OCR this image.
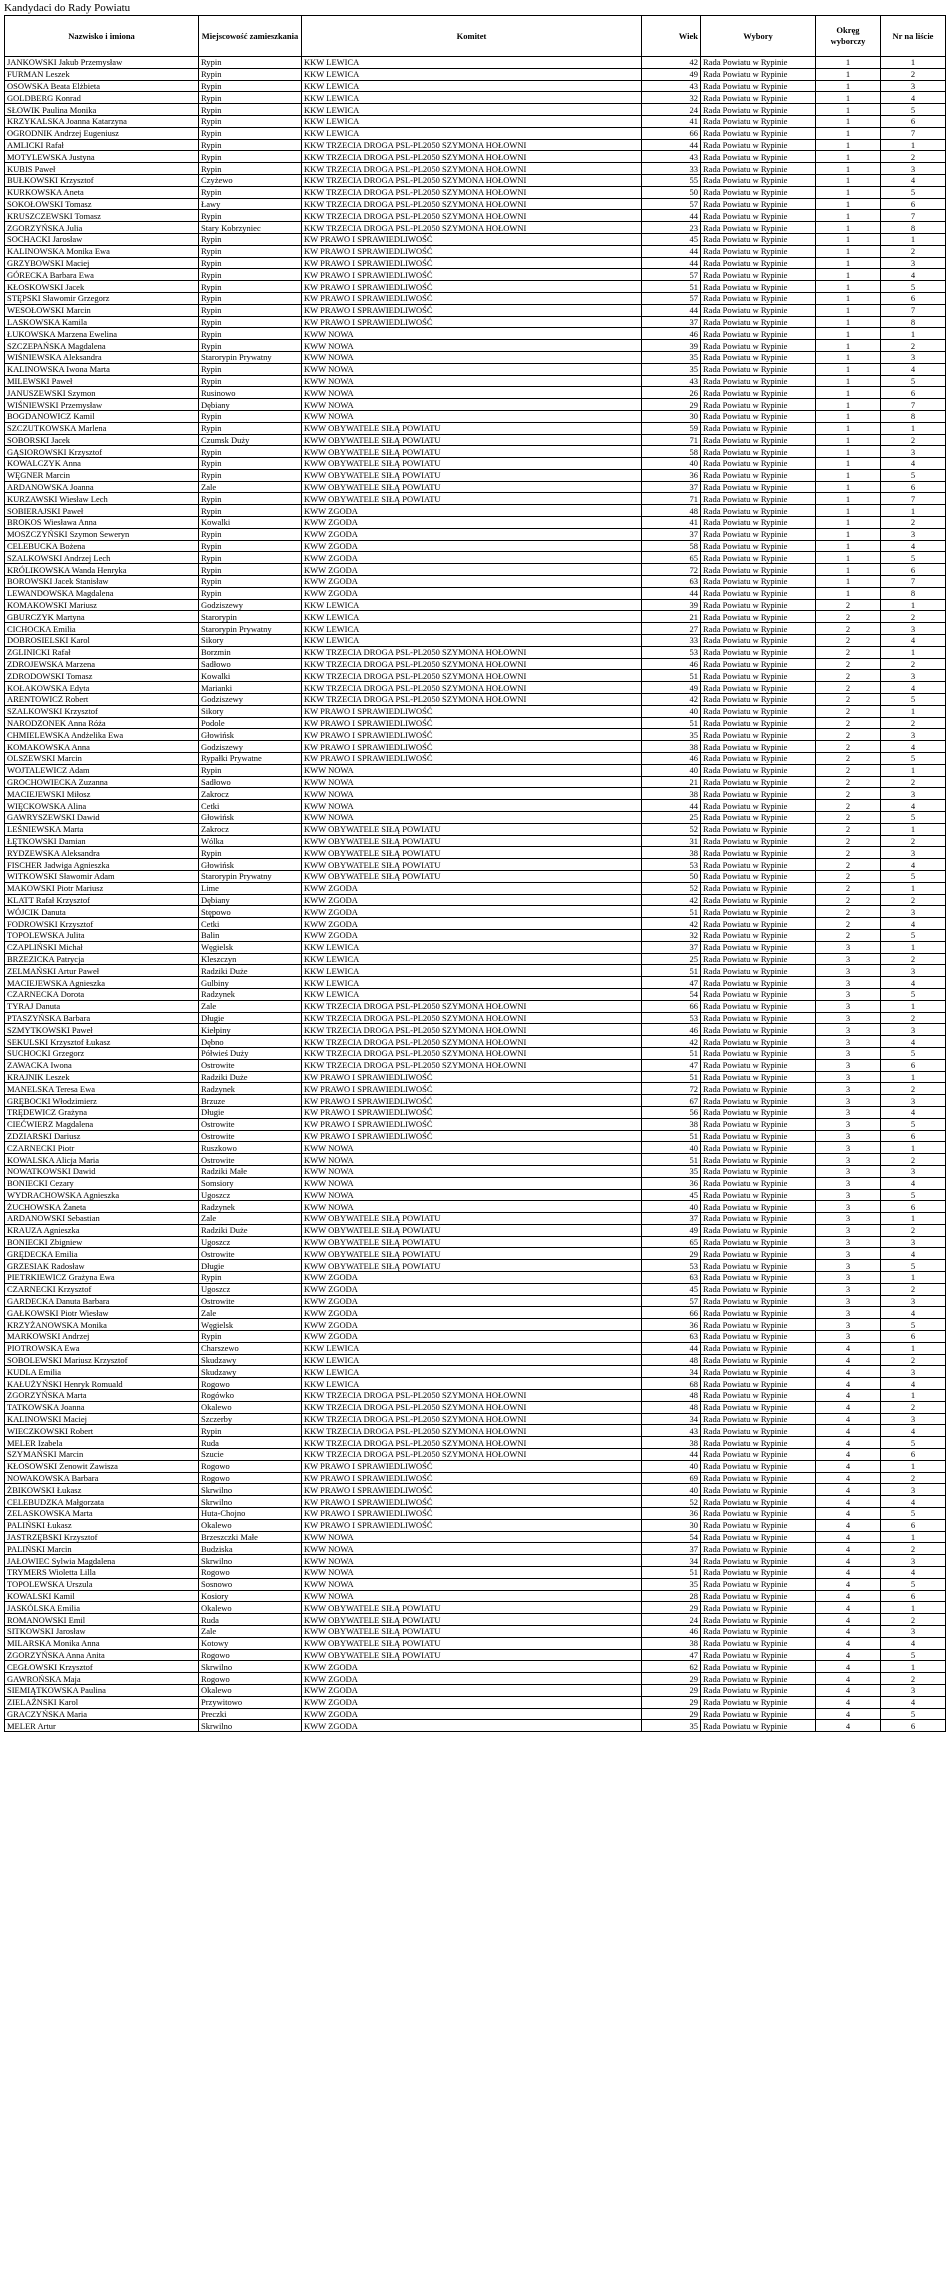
Kandydaci do Rady Powiatu
Nazwisko i imiona	Miejscowość zamieszkania	Komitet	Wiek	Wybory	Okręg wyborczy	Nr na liście
JANKOWSKI Jakub Przemysław	Rypin	KKW LEWICA	42	Rada Powiatu w Rypinie	1	1
FURMAN Leszek	Rypin	KKW LEWICA	49	Rada Powiatu w Rypinie	1	2
OSOWSKA Beata Elżbieta	Rypin	KKW LEWICA	43	Rada Powiatu w Rypinie	1	3
GOLDBERG Konrad	Rypin	KKW LEWICA	32	Rada Powiatu w Rypinie	1	4
SŁOWIK Paulina Monika	Rypin	KKW LEWICA	24	Rada Powiatu w Rypinie	1	5
KRZYKALSKA Joanna Katarzyna	Rypin	KKW LEWICA	41	Rada Powiatu w Rypinie	1	6
OGRODNIK Andrzej Eugeniusz	Rypin	KKW LEWICA	66	Rada Powiatu w Rypinie	1	7
AMLICKI Rafał	Rypin	KKW TRZECIA DROGA PSL-PL2050 SZYMONA HOŁOWNI	44	Rada Powiatu w Rypinie	1	1
MOTYLEWSKA Justyna	Rypin	KKW TRZECIA DROGA PSL-PL2050 SZYMONA HOŁOWNI	43	Rada Powiatu w Rypinie	1	2
KUBIS Paweł	Rypin	KKW TRZECIA DROGA PSL-PL2050 SZYMONA HOŁOWNI	33	Rada Powiatu w Rypinie	1	3
BUŁKOWSKI Krzysztof	Czyżewo	KKW TRZECIA DROGA PSL-PL2050 SZYMONA HOŁOWNI	55	Rada Powiatu w Rypinie	1	4
KURKOWSKA Aneta	Rypin	KKW TRZECIA DROGA PSL-PL2050 SZYMONA HOŁOWNI	50	Rada Powiatu w Rypinie	1	5
SOKOŁOWSKI Tomasz	Ławy	KKW TRZECIA DROGA PSL-PL2050 SZYMONA HOŁOWNI	57	Rada Powiatu w Rypinie	1	6
KRUSZCZEWSKI Tomasz	Rypin	KKW TRZECIA DROGA PSL-PL2050 SZYMONA HOŁOWNI	44	Rada Powiatu w Rypinie	1	7
ZGORZYŃSKA Julia	Stary Kobrzyniec	KKW TRZECIA DROGA PSL-PL2050 SZYMONA HOŁOWNI	23	Rada Powiatu w Rypinie	1	8
SOCHACKI Jarosław	Rypin	KW PRAWO I SPRAWIEDLIWOŚĆ	45	Rada Powiatu w Rypinie	1	1
KALINOWSKA Monika Ewa	Rypin	KW PRAWO I SPRAWIEDLIWOŚĆ	44	Rada Powiatu w Rypinie	1	2
GRZYBOWSKI Maciej	Rypin	KW PRAWO I SPRAWIEDLIWOŚĆ	44	Rada Powiatu w Rypinie	1	3
GÓRECKA Barbara Ewa	Rypin	KW PRAWO I SPRAWIEDLIWOŚĆ	57	Rada Powiatu w Rypinie	1	4
KŁOSKOWSKI Jacek	Rypin	KW PRAWO I SPRAWIEDLIWOŚĆ	51	Rada Powiatu w Rypinie	1	5
STĘPSKI Sławomir Grzegorz	Rypin	KW PRAWO I SPRAWIEDLIWOŚĆ	57	Rada Powiatu w Rypinie	1	6
WESOŁOWSKI Marcin	Rypin	KW PRAWO I SPRAWIEDLIWOŚĆ	44	Rada Powiatu w Rypinie	1	7
LASKOWSKA Kamila	Rypin	KW PRAWO I SPRAWIEDLIWOŚĆ	37	Rada Powiatu w Rypinie	1	8
ŁUKOWSKA Marzena Ewelina	Rypin	KWW NOWA	46	Rada Powiatu w Rypinie	1	1
SZCZEPAŃSKA Magdalena	Rypin	KWW NOWA	39	Rada Powiatu w Rypinie	1	2
WIŚNIEWSKA Aleksandra	Starorypin Prywatny	KWW NOWA	35	Rada Powiatu w Rypinie	1	3
KALINOWSKA Iwona Marta	Rypin	KWW NOWA	35	Rada Powiatu w Rypinie	1	4
MILEWSKI Paweł	Rypin	KWW NOWA	43	Rada Powiatu w Rypinie	1	5
JANUSZEWSKI Szymon	Rusinowo	KWW NOWA	26	Rada Powiatu w Rypinie	1	6
WIŚNIEWSKI Przemysław	Dębiany	KWW NOWA	29	Rada Powiatu w Rypinie	1	7
BOGDANOWICZ Kamil	Rypin	KWW NOWA	30	Rada Powiatu w Rypinie	1	8
SZCZUTKOWSKA Marlena	Rypin	KWW OBYWATELE SIŁĄ POWIATU	59	Rada Powiatu w Rypinie	1	1
SOBORSKI Jacek	Czumsk Duży	KWW OBYWATELE SIŁĄ POWIATU	71	Rada Powiatu w Rypinie	1	2
GĄSIOROWSKI Krzysztof	Rypin	KWW OBYWATELE SIŁĄ POWIATU	58	Rada Powiatu w Rypinie	1	3
KOWALCZYK Anna	Rypin	KWW OBYWATELE SIŁĄ POWIATU	40	Rada Powiatu w Rypinie	1	4
WĘGNER Marcin	Rypin	KWW OBYWATELE SIŁĄ POWIATU	36	Rada Powiatu w Rypinie	1	5
ARDANOWSKA Joanna	Zale	KWW OBYWATELE SIŁĄ POWIATU	37	Rada Powiatu w Rypinie	1	6
KURZAWSKI Wiesław Lech	Rypin	KWW OBYWATELE SIŁĄ POWIATU	71	Rada Powiatu w Rypinie	1	7
SOBIERAJSKI Paweł	Rypin	KWW ZGODA	48	Rada Powiatu w Rypinie	1	1
BROKOS Wiesława Anna	Kowalki	KWW ZGODA	41	Rada Powiatu w Rypinie	1	2
MOSZCZYŃSKI Szymon Seweryn	Rypin	KWW ZGODA	37	Rada Powiatu w Rypinie	1	3
CELEBUCKA Bożena	Rypin	KWW ZGODA	58	Rada Powiatu w Rypinie	1	4
SZALKOWSKI Andrzej Lech	Rypin	KWW ZGODA	65	Rada Powiatu w Rypinie	1	5
KRÓLIKOWSKA Wanda Henryka	Rypin	KWW ZGODA	72	Rada Powiatu w Rypinie	1	6
BOROWSKI Jacek Stanisław	Rypin	KWW ZGODA	63	Rada Powiatu w Rypinie	1	7
LEWANDOWSKA Magdalena	Rypin	KWW ZGODA	44	Rada Powiatu w Rypinie	1	8
KOMAKOWSKI Mariusz	Godziszewy	KKW LEWICA	39	Rada Powiatu w Rypinie	2	1
GBURCZYK Martyna	Starorypin	KKW LEWICA	21	Rada Powiatu w Rypinie	2	2
CICHOCKA Emilia	Starorypin Prywatny	KKW LEWICA	27	Rada Powiatu w Rypinie	2	3
DOBROSIELSKI Karol	Sikory	KKW LEWICA	33	Rada Powiatu w Rypinie	2	4
ZGLINICKI Rafał	Borzmin	KKW TRZECIA DROGA PSL-PL2050 SZYMONA HOŁOWNI	53	Rada Powiatu w Rypinie	2	1
ZDROJEWSKA Marzena	Sadłowo	KKW TRZECIA DROGA PSL-PL2050 SZYMONA HOŁOWNI	46	Rada Powiatu w Rypinie	2	2
ZDRODOWSKI Tomasz	Kowalki	KKW TRZECIA DROGA PSL-PL2050 SZYMONA HOŁOWNI	51	Rada Powiatu w Rypinie	2	3
KOŁAKOWSKA Edyta	Marianki	KKW TRZECIA DROGA PSL-PL2050 SZYMONA HOŁOWNI	49	Rada Powiatu w Rypinie	2	4
ARENTOWICZ Robert	Godziszewy	KKW TRZECIA DROGA PSL-PL2050 SZYMONA HOŁOWNI	42	Rada Powiatu w Rypinie	2	5
SZALKOWSKI Krzysztof	Sikory	KW PRAWO I SPRAWIEDLIWOŚĆ	40	Rada Powiatu w Rypinie	2	1
NARODZONEK Anna Róża	Podole	KW PRAWO I SPRAWIEDLIWOŚĆ	51	Rada Powiatu w Rypinie	2	2
CHMIELEWSKA Andżelika Ewa	Głowińsk	KW PRAWO I SPRAWIEDLIWOŚĆ	35	Rada Powiatu w Rypinie	2	3
KOMAKOWSKA Anna	Godziszewy	KW PRAWO I SPRAWIEDLIWOŚĆ	38	Rada Powiatu w Rypinie	2	4
OLSZEWSKI Marcin	Rypałki Prywatne	KW PRAWO I SPRAWIEDLIWOŚĆ	46	Rada Powiatu w Rypinie	2	5
WOJTALEWICZ Adam	Rypin	KWW NOWA	40	Rada Powiatu w Rypinie	2	1
GROCHOWIECKA Zuzanna	Sadłowo	KWW NOWA	21	Rada Powiatu w Rypinie	2	2
MACIEJEWSKI Miłosz	Zakrocz	KWW NOWA	38	Rada Powiatu w Rypinie	2	3
WIĘCKOWSKA Alina	Cetki	KWW NOWA	44	Rada Powiatu w Rypinie	2	4
GAWRYSZEWSKI Dawid	Głowińsk	KWW NOWA	25	Rada Powiatu w Rypinie	2	5
LEŚNIEWSKA Marta	Zakrocz	KWW OBYWATELE SIŁĄ POWIATU	52	Rada Powiatu w Rypinie	2	1
ŁĘTKOWSKI Damian	Wólka	KWW OBYWATELE SIŁĄ POWIATU	31	Rada Powiatu w Rypinie	2	2
RYDZEWSKA Aleksandra	Rypin	KWW OBYWATELE SIŁĄ POWIATU	38	Rada Powiatu w Rypinie	2	3
FISCHER Jadwiga Agnieszka	Głowińsk	KWW OBYWATELE SIŁĄ POWIATU	53	Rada Powiatu w Rypinie	2	4
WITKOWSKI Sławomir Adam	Starorypin Prywatny	KWW OBYWATELE SIŁĄ POWIATU	50	Rada Powiatu w Rypinie	2	5
MAKOWSKI Piotr Mariusz	Lime	KWW ZGODA	52	Rada Powiatu w Rypinie	2	1
KLATT Rafał Krzysztof	Dębiany	KWW ZGODA	42	Rada Powiatu w Rypinie	2	2
WÓJCIK Danuta	Stępowo	KWW ZGODA	51	Rada Powiatu w Rypinie	2	3
FODROWSKI Krzysztof	Cetki	KWW ZGODA	42	Rada Powiatu w Rypinie	2	4
TOPOLEWSKA Julita	Balin	KWW ZGODA	32	Rada Powiatu w Rypinie	2	5
CZAPLIŃSKI Michał	Węgielsk	KKW LEWICA	37	Rada Powiatu w Rypinie	3	1
BRZEZICKA Patrycja	Kleszczyn	KKW LEWICA	25	Rada Powiatu w Rypinie	3	2
ZELMAŃSKI Artur Paweł	Radziki Duże	KKW LEWICA	51	Rada Powiatu w Rypinie	3	3
MACIEJEWSKA Agnieszka	Gulbiny	KKW LEWICA	47	Rada Powiatu w Rypinie	3	4
CZARNECKA Dorota	Radzynek	KKW LEWICA	54	Rada Powiatu w Rypinie	3	5
TYRAJ Danuta	Zale	KKW TRZECIA DROGA PSL-PL2050 SZYMONA HOŁOWNI	66	Rada Powiatu w Rypinie	3	1
PTASZYŃSKA Barbara	Długie	KKW TRZECIA DROGA PSL-PL2050 SZYMONA HOŁOWNI	53	Rada Powiatu w Rypinie	3	2
SZMYTKOWSKI Paweł	Kiełpiny	KKW TRZECIA DROGA PSL-PL2050 SZYMONA HOŁOWNI	46	Rada Powiatu w Rypinie	3	3
SEKULSKI Krzysztof Łukasz	Dębno	KKW TRZECIA DROGA PSL-PL2050 SZYMONA HOŁOWNI	42	Rada Powiatu w Rypinie	3	4
SUCHOCKI Grzegorz	Półwieś Duży	KKW TRZECIA DROGA PSL-PL2050 SZYMONA HOŁOWNI	51	Rada Powiatu w Rypinie	3	5
ZAWACKA Iwona	Ostrowite	KKW TRZECIA DROGA PSL-PL2050 SZYMONA HOŁOWNI	47	Rada Powiatu w Rypinie	3	6
KRAJNIK Leszek	Radziki Duże	KW PRAWO I SPRAWIEDLIWOŚĆ	51	Rada Powiatu w Rypinie	3	1
MANELSKA Teresa Ewa	Radzynek	KW PRAWO I SPRAWIEDLIWOŚĆ	72	Rada Powiatu w Rypinie	3	2
GRĘBOCKI Włodzimierz	Brzuze	KW PRAWO I SPRAWIEDLIWOŚĆ	67	Rada Powiatu w Rypinie	3	3
TRĘDEWICZ Grażyna	Długie	KW PRAWO I SPRAWIEDLIWOŚĆ	56	Rada Powiatu w Rypinie	3	4
CIEĆWIERZ Magdalena	Ostrowite	KW PRAWO I SPRAWIEDLIWOŚĆ	38	Rada Powiatu w Rypinie	3	5
ZDZIARSKI Dariusz	Ostrowite	KW PRAWO I SPRAWIEDLIWOŚĆ	51	Rada Powiatu w Rypinie	3	6
CZARNECKI Piotr	Ruszkowo	KWW NOWA	40	Rada Powiatu w Rypinie	3	1
KOWALSKA Alicja Maria	Ostrowite	KWW NOWA	51	Rada Powiatu w Rypinie	3	2
NOWATKOWSKI Dawid	Radziki Małe	KWW NOWA	35	Rada Powiatu w Rypinie	3	3
BONIECKI Cezary	Somsiory	KWW NOWA	36	Rada Powiatu w Rypinie	3	4
WYDRACHOWSKA Agnieszka	Ugoszcz	KWW NOWA	45	Rada Powiatu w Rypinie	3	5
ŻUCHOWSKA Żaneta	Radzynek	KWW NOWA	40	Rada Powiatu w Rypinie	3	6
ARDANOWSKI Sebastian	Zale	KWW OBYWATELE SIŁĄ POWIATU	37	Rada Powiatu w Rypinie	3	1
KRAUZA Agnieszka	Radziki Duże	KWW OBYWATELE SIŁĄ POWIATU	49	Rada Powiatu w Rypinie	3	2
BONIECKI Zbigniew	Ugoszcz	KWW OBYWATELE SIŁĄ POWIATU	65	Rada Powiatu w Rypinie	3	3
GRĘDECKA Emilia	Ostrowite	KWW OBYWATELE SIŁĄ POWIATU	29	Rada Powiatu w Rypinie	3	4
GRZESIAK Radosław	Długie	KWW OBYWATELE SIŁĄ POWIATU	53	Rada Powiatu w Rypinie	3	5
PIETRKIEWICZ Grażyna Ewa	Rypin	KWW ZGODA	63	Rada Powiatu w Rypinie	3	1
CZARNECKI Krzysztof	Ugoszcz	KWW ZGODA	45	Rada Powiatu w Rypinie	3	2
GARDECKA Danuta Barbara	Ostrowite	KWW ZGODA	57	Rada Powiatu w Rypinie	3	3
GAŁKOWSKI Piotr Wiesław	Zale	KWW ZGODA	66	Rada Powiatu w Rypinie	3	4
KRZYŻANOWSKA Monika	Węgielsk	KWW ZGODA	36	Rada Powiatu w Rypinie	3	5
MARKOWSKI Andrzej	Rypin	KWW ZGODA	63	Rada Powiatu w Rypinie	3	6
PIOTROWSKA Ewa	Charszewo	KKW LEWICA	44	Rada Powiatu w Rypinie	4	1
SOBOLEWSKI Mariusz Krzysztof	Skudzawy	KKW LEWICA	48	Rada Powiatu w Rypinie	4	2
KUDLA Emilia	Skudzawy	KKW LEWICA	34	Rada Powiatu w Rypinie	4	3
KAŁUŻYŃSKI Henryk Romuald	Rogowo	KKW LEWICA	68	Rada Powiatu w Rypinie	4	4
ZGORZYŃSKA Marta	Rogówko	KKW TRZECIA DROGA PSL-PL2050 SZYMONA HOŁOWNI	48	Rada Powiatu w Rypinie	4	1
TATKOWSKA Joanna	Okalewo	KKW TRZECIA DROGA PSL-PL2050 SZYMONA HOŁOWNI	48	Rada Powiatu w Rypinie	4	2
KALINOWSKI Maciej	Szczerby	KKW TRZECIA DROGA PSL-PL2050 SZYMONA HOŁOWNI	34	Rada Powiatu w Rypinie	4	3
WIECZKOWSKI Robert	Rypin	KKW TRZECIA DROGA PSL-PL2050 SZYMONA HOŁOWNI	43	Rada Powiatu w Rypinie	4	4
MELER Izabela	Ruda	KKW TRZECIA DROGA PSL-PL2050 SZYMONA HOŁOWNI	38	Rada Powiatu w Rypinie	4	5
SZYMAŃSKI Marcin	Szucie	KKW TRZECIA DROGA PSL-PL2050 SZYMONA HOŁOWNI	44	Rada Powiatu w Rypinie	4	6
KŁOSOWSKI Zenowit Zawisza	Rogowo	KW PRAWO I SPRAWIEDLIWOŚĆ	40	Rada Powiatu w Rypinie	4	1
NOWAKOWSKA Barbara	Rogowo	KW PRAWO I SPRAWIEDLIWOŚĆ	69	Rada Powiatu w Rypinie	4	2
ŻBIKOWSKI Łukasz	Skrwilno	KW PRAWO I SPRAWIEDLIWOŚĆ	40	Rada Powiatu w Rypinie	4	3
CELEBUDZKA Małgorzata	Skrwilno	KW PRAWO I SPRAWIEDLIWOŚĆ	52	Rada Powiatu w Rypinie	4	4
ZELASKOWSKA Marta	Huta-Chojno	KW PRAWO I SPRAWIEDLIWOŚĆ	36	Rada Powiatu w Rypinie	4	5
PALIŃSKI Łukasz	Okalewo	KW PRAWO I SPRAWIEDLIWOŚĆ	30	Rada Powiatu w Rypinie	4	6
JASTRZĘBSKI Krzysztof	Brzeszczki Małe	KWW NOWA	54	Rada Powiatu w Rypinie	4	1
PALIŃSKI Marcin	Budziska	KWW NOWA	37	Rada Powiatu w Rypinie	4	2
JAŁOWIEC Sylwia Magdalena	Skrwilno	KWW NOWA	34	Rada Powiatu w Rypinie	4	3
TRYMERS Wioletta Lilla	Rogowo	KWW NOWA	51	Rada Powiatu w Rypinie	4	4
TOPOLEWSKA Urszula	Sosnowo	KWW NOWA	35	Rada Powiatu w Rypinie	4	5
KOWALSKI Kamil	Kosiory	KWW NOWA	28	Rada Powiatu w Rypinie	4	6
JASKÓLSKA Emilia	Okalewo	KWW OBYWATELE SIŁĄ POWIATU	29	Rada Powiatu w Rypinie	4	1
ROMANOWSKI Emil	Ruda	KWW OBYWATELE SIŁĄ POWIATU	24	Rada Powiatu w Rypinie	4	2
SITKOWSKI Jarosław	Zale	KWW OBYWATELE SIŁĄ POWIATU	46	Rada Powiatu w Rypinie	4	3
MILARSKA Monika Anna	Kotowy	KWW OBYWATELE SIŁĄ POWIATU	38	Rada Powiatu w Rypinie	4	4
ZGORZYŃSKA Anna Anita	Rogowo	KWW OBYWATELE SIŁĄ POWIATU	47	Rada Powiatu w Rypinie	4	5
CEGŁOWSKI Krzysztof	Skrwilno	KWW ZGODA	62	Rada Powiatu w Rypinie	4	1
GAWROŃSKA Maja	Rogowo	KWW ZGODA	29	Rada Powiatu w Rypinie	4	2
SIEMIĄTKOWSKA Paulina	Okalewo	KWW ZGODA	29	Rada Powiatu w Rypinie	4	3
ZIELAŹNSKI Karol	Przywitowo	KWW ZGODA	29	Rada Powiatu w Rypinie	4	4
GRACZYŃSKA Maria	Preczki	KWW ZGODA	29	Rada Powiatu w Rypinie	4	5
MELER Artur	Skrwilno	KWW ZGODA	35	Rada Powiatu w Rypinie	4	6
